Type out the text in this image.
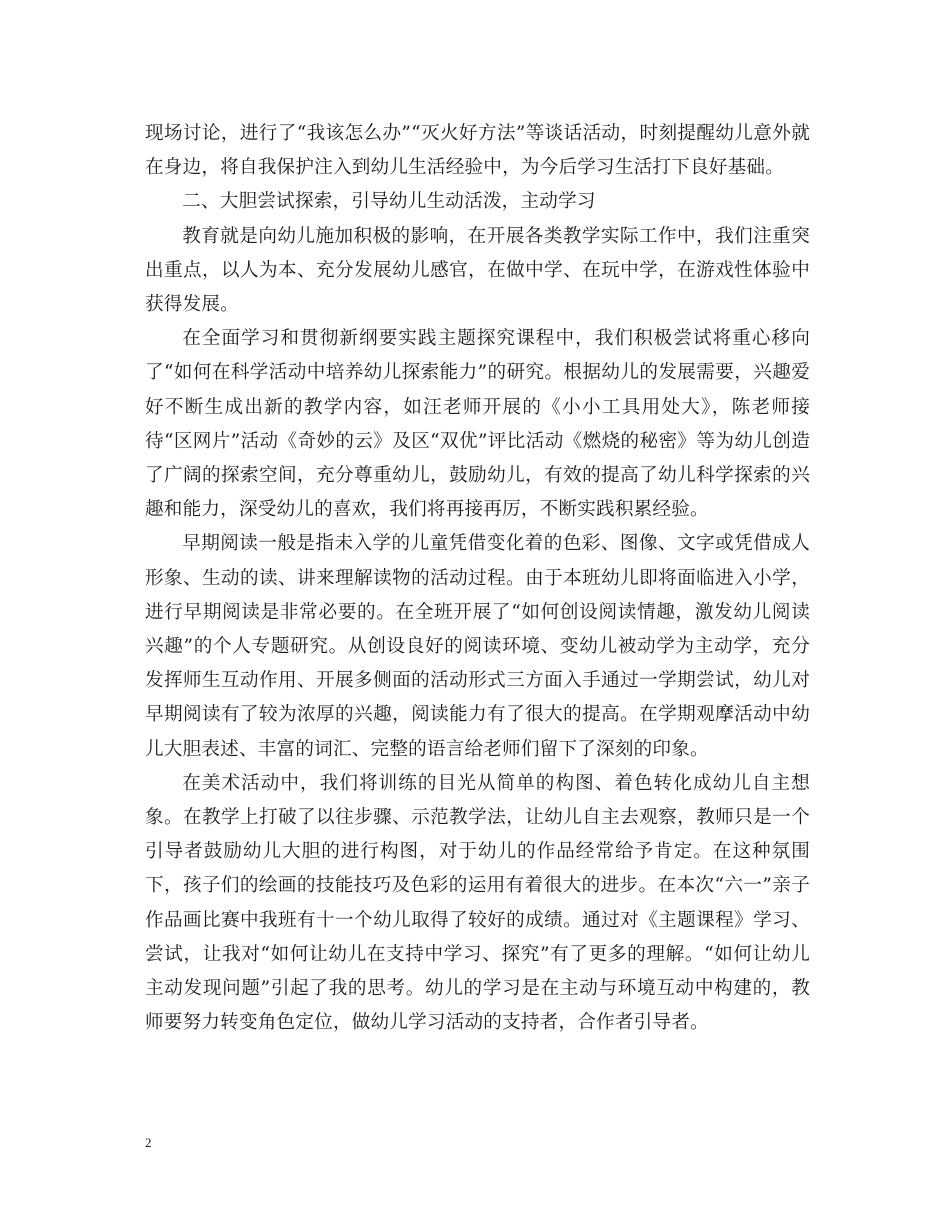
现场讨论，进行了“我该怎么办”“灭火好方法”等谈话活动，时刻提醒幼儿意外就在身边，将自我保护注入到幼儿生活经验中，为今后学习生活打下良好基础。

二、大胆尝试探索，引导幼儿生动活泼，主动学习

教育就是向幼儿施加积极的影响，在开展各类教学实际工作中，我们注重突出重点，以人为本、充分发展幼儿感官，在做中学、在玩中学，在游戏性体验中获得发展。

在全面学习和贯彻新纲要实践主题探究课程中，我们积极尝试将重心移向了“如何在科学活动中培养幼儿探索能力”的研究。根据幼儿的发展需要，兴趣爱好不断生成出新的教学内容，如汪老师开展的《小小工具用处大》，陈老师接待“区网片”活动《奇妙的云》及区“双优”评比活动《燃烧的秘密》等为幼儿创造了广阔的探索空间，充分尊重幼儿，鼓励幼儿，有效的提高了幼儿科学探索的兴趣和能力，深受幼儿的喜欢，我们将再接再厉，不断实践积累经验。

早期阅读一般是指未入学的儿童凭借变化着的色彩、图像、文字或凭借成人形象、生动的读、讲来理解读物的活动过程。由于本班幼儿即将面临进入小学，进行早期阅读是非常必要的。在全班开展了“如何创设阅读情趣，激发幼儿阅读兴趣”的个人专题研究。从创设良好的阅读环境、变幼儿被动学为主动学，充分发挥师生互动作用、开展多侧面的活动形式三方面入手通过一学期尝试，幼儿对早期阅读有了较为浓厚的兴趣，阅读能力有了很大的提高。在学期观摩活动中幼儿大胆表述、丰富的词汇、完整的语言给老师们留下了深刻的印象。

在美术活动中，我们将训练的目光从简单的构图、着色转化成幼儿自主想象。在教学上打破了以往步骤、示范教学法，让幼儿自主去观察，教师只是一个引导者鼓励幼儿大胆的进行构图，对于幼儿的作品经常给予肯定。在这种氛围下，孩子们的绘画的技能技巧及色彩的运用有着很大的进步。在本次“六一”亲子作品画比赛中我班有十一个幼儿取得了较好的成绩。通过对《主题课程》学习、尝试，让我对“如何让幼儿在支持中学习、探究”有了更多的理解。“如何让幼儿主动发现问题”引起了我的思考。幼儿的学习是在主动与环境互动中构建的，教师要努力转变角色定位，做幼儿学习活动的支持者，合作者引导者。

2
